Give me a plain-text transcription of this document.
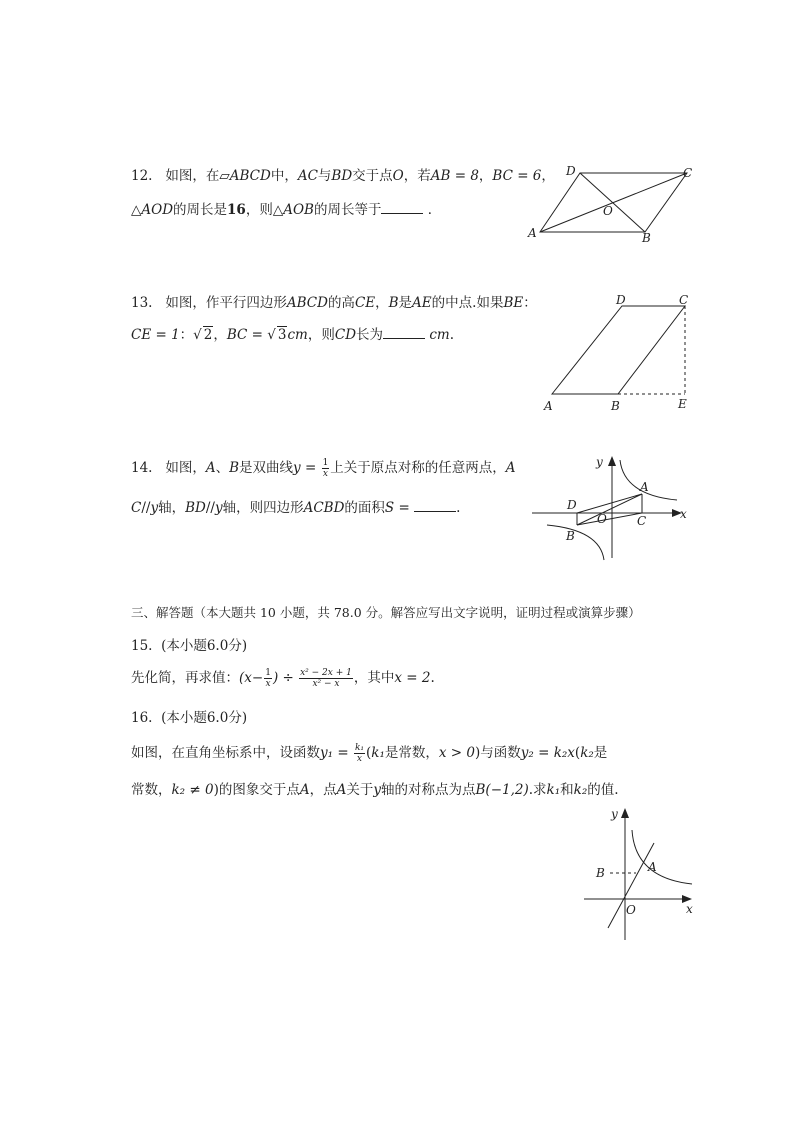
12. 如图，在▱ABCD中，AC与BD交于点O，若AB = 8，BC = 6，
△AOD的周长是16，则△AOB的周长等于	．
A	B
C
D
O
13. 如图，作平行四边形ABCD的高CE，B是AE的中点.如果BE：
CE = 1：√ 2，BC = √ 3cm，则CD长为	cm.
A	B
C
D
E
14. 如图，A、B是双曲线$y = \frac{1}{x}$ 上关于原点对称的任意两点，A
C//y轴，BD//y轴，则四边形ACBD的面积S =	.
y
A
D
O	C	x
B
三、解答题（本大题共 10 小题，共 78.0 分。解答应写出文字说明，证明过程或演算步骤）
15. (本小题6.0分)
先化简，再求值：($x- \frac{1}{x}$ ) ÷ $\frac{\text{x² − 2x + 1}}{\text{x² − x}}$ ，其中x = 2.
16. (本小题6.0分)
如图，在直角坐标系中，设函数$y_1 = \frac{\text{k₁}}{x} (k_1$是常数，x > 0)与函数y₂ = k₂x(k₂是
常数，k₂ ≠ 0)的图象交于点A，点A关于y轴的对称点为点B(−1,2).求k₁和k₂的值.
y
B	A
O	x
